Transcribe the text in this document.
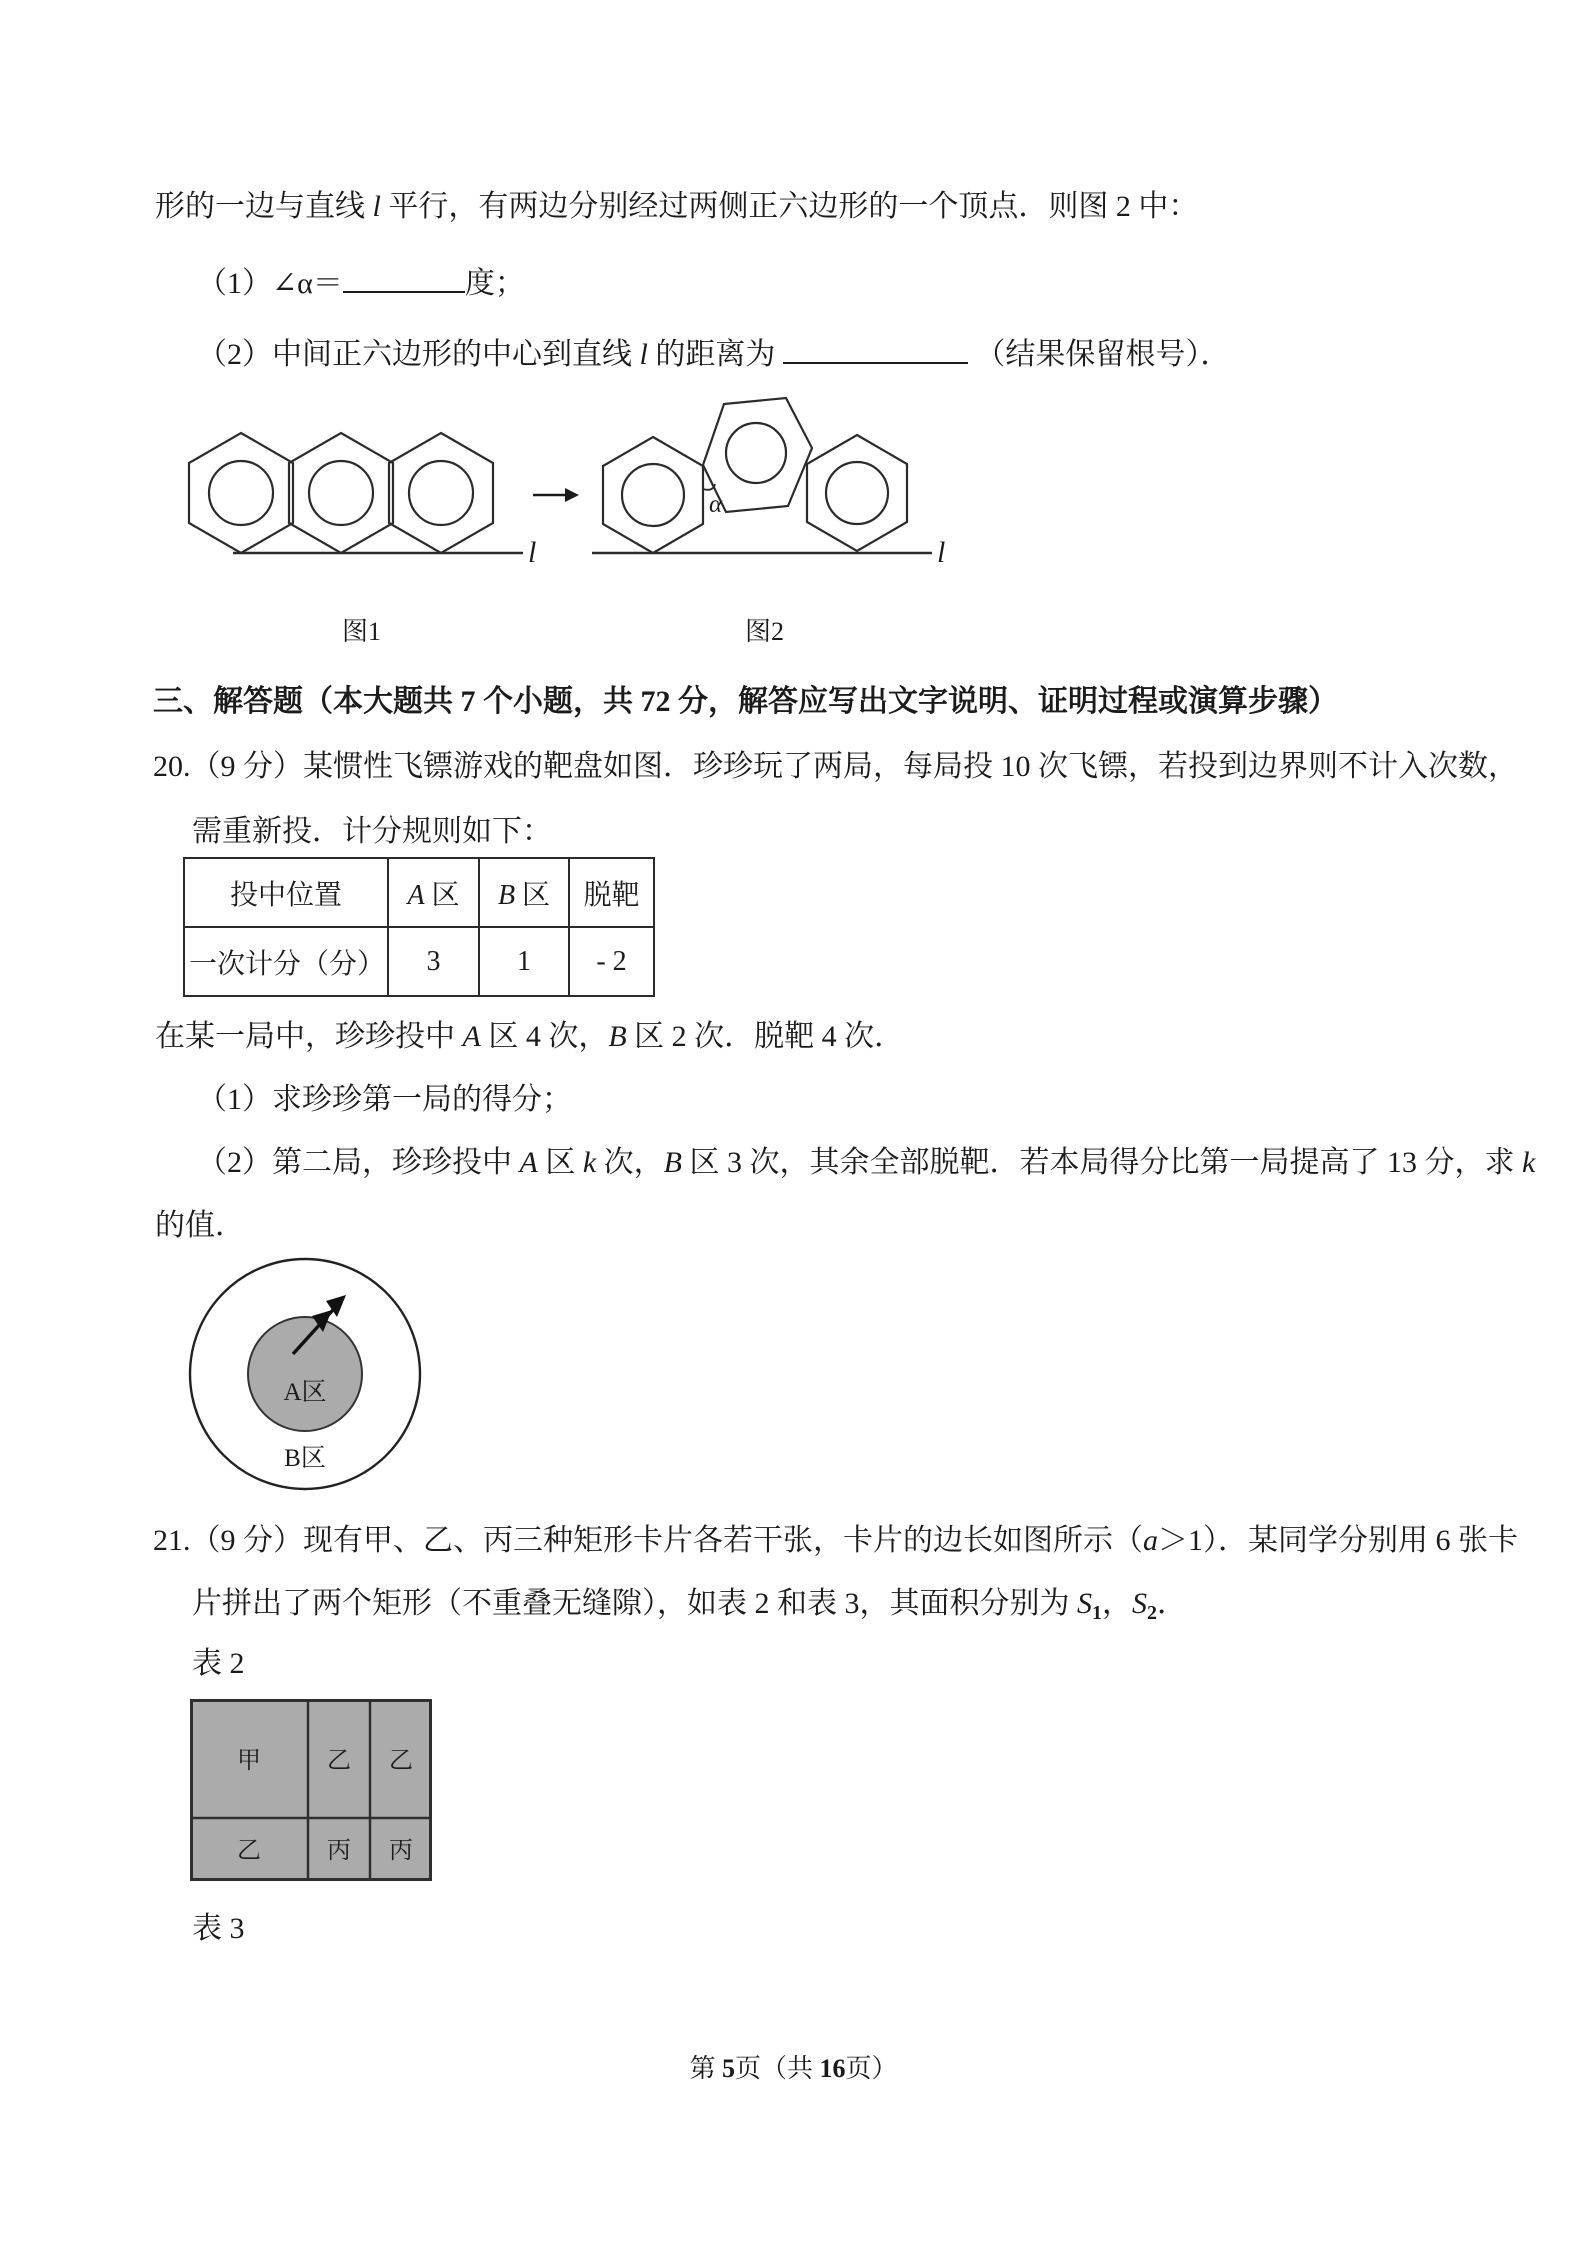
形的一边与直线 l 平行，有两边分别经过两侧正六边形的一个顶点．则图 2 中：
（1）∠α＝	度；
（2）中间正六边形的中心到直线 l 的距离为	（结果保留根号）．
l
α
l
图1	图2
三、解答题（本大题共 7 个小题，共 72 分，解答应写出文字说明、证明过程或演算步骤）
20.（9 分）某惯性飞镖游戏的靶盘如图．珍珍玩了两局，每局投 10 次飞镖，若投到边界则不计入次数，
需重新投．计分规则如下：
投中位置	A 区	B 区	脱靶
一次计分（分）	3	1	- 2
在某一局中，珍珍投中 A 区 4 次，B 区 2 次．脱靶 4 次．
（1）求珍珍第一局的得分；
（2）第二局，珍珍投中 A 区 k 次，B 区 3 次，其余全部脱靶．若本局得分比第一局提高了 13 分，求 k
的值．
A区
B区
21.（9 分）现有甲、乙、丙三种矩形卡片各若干张，卡片的边长如图所示（a＞1）．某同学分别用 6 张卡
片拼出了两个矩形（不重叠无缝隙），如表 2 和表 3，其面积分别为 $S_1$，$S_2$．
表 2
甲	乙 乙
乙	丙 丙
表 3
第 5页（共 16页）
